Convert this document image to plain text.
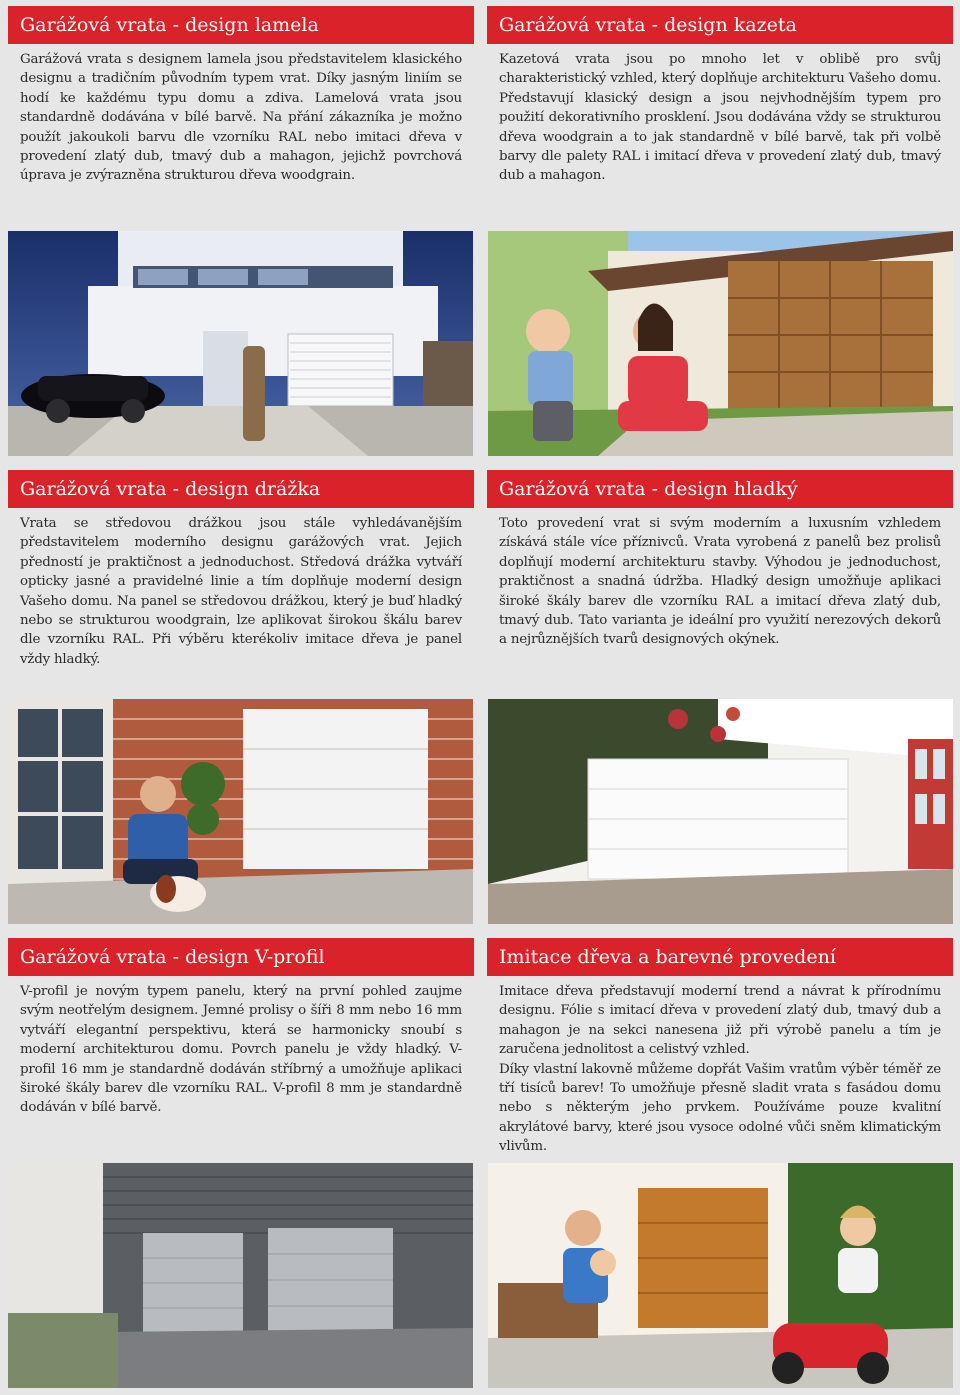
Garážová vrata - design lamela

Garážová vrata s designem lamela jsou představitelem klasického designu a tradičním původním typem vrat. Díky jasným liniím se hodí ke každému typu domu a zdiva. Lamelová vrata jsou standardně dodávána v bílé barvě. Na přání zákazníka je možno použít jakoukoli barvu dle vzorníku RAL nebo imitaci dřeva v provedení zlatý dub, tmavý dub a mahagon, jejichž povrchová úprava je zvýrazněna strukturou dřeva woodgrain.

Garážová vrata - design kazeta

Kazetová vrata jsou po mnoho let v oblibě pro svůj charakteristický vzhled, který doplňuje architekturu Vašeho domu. Představují klasický design a jsou nejvhodnějším typem pro použití dekorativního prosklení. Jsou dodávána vždy se strukturou dřeva woodgrain a to jak standardně v bílé barvě, tak při volbě barvy dle palety RAL i imitací dřeva v provedení zlatý dub, tmavý dub a mahagon.

Garážová vrata - design drážka

Vrata se středovou drážkou jsou stále vyhledávanějším představitelem moderního designu garážových vrat. Jejich předností je praktičnost a jednoduchost. Středová drážka vytváří opticky jasné a pravidelné linie a tím doplňuje moderní design Vašeho domu. Na panel se středovou drážkou, který je buď hladký nebo se strukturou woodgrain, lze aplikovat širokou škálu barev dle vzorníku RAL. Při výběru kterékoliv imitace dřeva je panel vždy hladký.

Garážová vrata - design hladký

Toto provedení vrat si svým moderním a luxusním vzhledem získává stále více příznivců. Vrata vyrobená z panelů bez prolisů doplňují moderní architekturu stavby. Výhodou je jednoduchost, praktičnost a snadná údržba. Hladký design umožňuje aplikaci široké škály barev dle vzorníku RAL a imitací dřeva zlatý dub, tmavý dub. Tato varianta je ideální pro využití nerezových dekorů a nejrůznějších tvarů designových okýnek.

Garážová vrata - design V-profil

V-profil je novým typem panelu, který na první pohled zaujme svým neotřelým designem. Jemné prolisy o šíři 8 mm nebo 16 mm vytváří elegantní perspektivu, která se harmonicky snoubí s moderní architekturou domu. Povrch panelu je vždy hladký. V-profil 16 mm je standardně dodáván stříbrný a umožňuje aplikaci široké škály barev dle vzorníku RAL. V-profil 8 mm je standardně dodáván v bílé barvě.

Imitace dřeva a barevné provedení

Imitace dřeva představují moderní trend a návrat k přírodnímu designu. Fólie s imitací dřeva v provedení zlatý dub, tmavý dub a mahagon je na sekci nanesena již při výrobě panelu a tím je zaručena jednolitost a celistvý vzhled.

Díky vlastní lakovně můžeme dopřát Vašim vratům výběr téměř ze tří tisíců barev! To umožňuje přesně sladit vrata s fasádou domu nebo s některým jeho prvkem. Používáme pouze kvalitní akrylátové barvy, které jsou vysoce odolné vůči sněm klimatickým vlivům.
